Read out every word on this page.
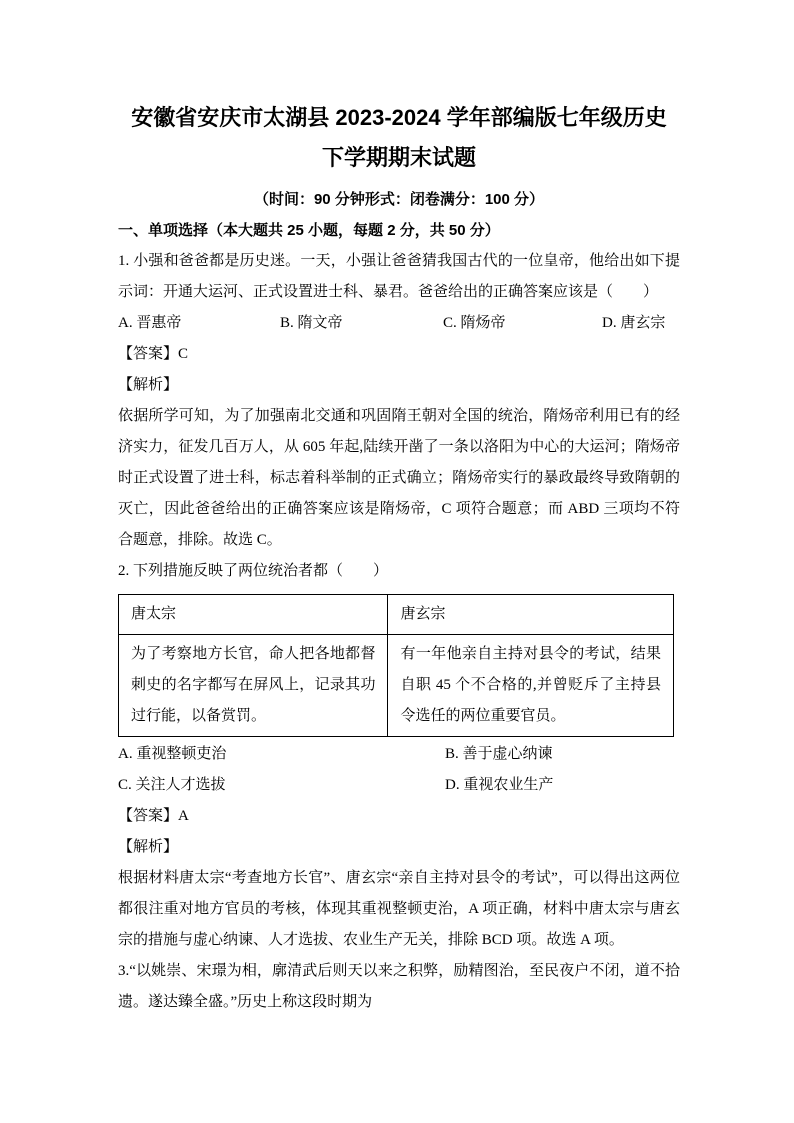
安徽省安庆市太湖县 2023-2024 学年部编版七年级历史
下学期期末试题
（时间：90 分钟形式：闭卷满分：100 分）
一、单项选择（本大题共 25 小题，每题 2 分，共 50 分）

1. 小强和爸爸都是历史迷。一天，小强让爸爸猜我国古代的一位皇帝，他给出如下提示词：开通大运河、正式设置进士科、暴君。爸爸给出的正确答案应该是（　　）

A. 晋惠帝	B. 隋文帝	C. 隋炀帝	D. 唐玄宗

【答案】C

【解析】

依据所学可知，为了加强南北交通和巩固隋王朝对全国的统治，隋炀帝利用已有的经济实力，征发几百万人，从 605 年起,陆续开凿了一条以洛阳为中心的大运河；隋炀帝时正式设置了进士科，标志着科举制的正式确立；隋炀帝实行的暴政最终导致隋朝的灭亡，因此爸爸给出的正确答案应该是隋炀帝，C 项符合题意；而 ABD 三项均不符合题意，排除。故选 C。

2. 下列措施反映了两位统治者都（　　）

唐太宗	唐玄宗
为了考察地方长官，命人把各地都督刺史的名字都写在屏风上，记录其功过行能，以备赏罚。	有一年他亲自主持对县令的考试，结果自职 45 个不合格的,并曾贬斥了主持县令选任的两位重要官员。
A. 重视整顿吏治	B. 善于虚心纳谏
C. 关注人才选拔	D. 重视农业生产

【答案】A

【解析】

根据材料唐太宗“考查地方长官”、唐玄宗“亲自主持对县令的考试”，可以得出这两位都很注重对地方官员的考核，体现其重视整顿吏治，A 项正确，材料中唐太宗与唐玄宗的措施与虚心纳谏、人才选拔、农业生产无关，排除 BCD 项。故选 A 项。

3.“以姚崇、宋璟为相，廓清武后则天以来之积弊，励精图治，至民夜户不闭，道不拾遗。遂达臻全盛。”历史上称这段时期为
